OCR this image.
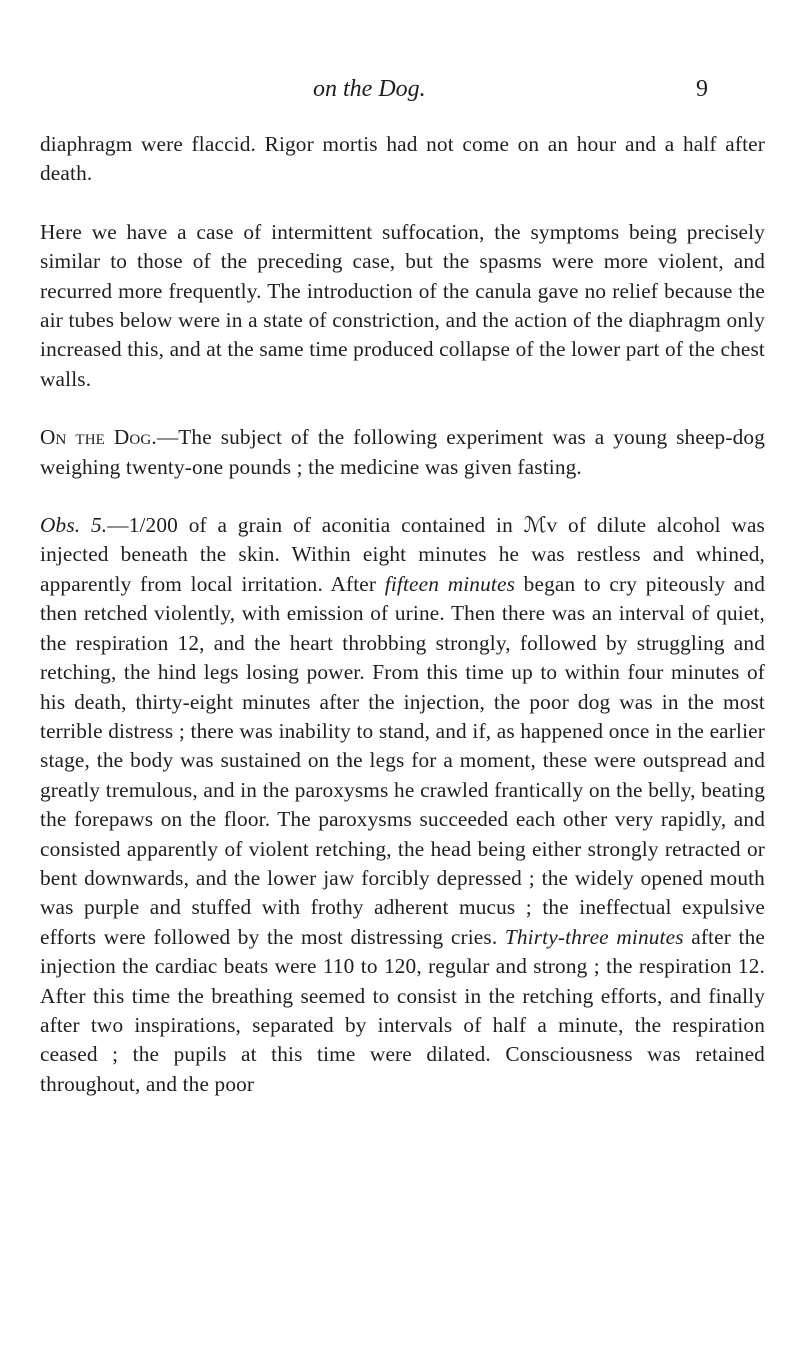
on the Dog.	9

diaphragm were flaccid. Rigor mortis had not come on an hour and a half after death.

Here we have a case of intermittent suffocation, the symptoms being precisely similar to those of the preceding case, but the spasms were more violent, and recurred more frequently. The introduction of the canula gave no relief because the air tubes below were in a state of constriction, and the action of the diaphragm only increased this, and at the same time produced collapse of the lower part of the chest walls.

On the Dog.—The subject of the following experiment was a young sheep-dog weighing twenty-one pounds ; the medicine was given fasting.

Obs. 5.—1/200 of a grain of aconitia contained in ℳv of dilute alcohol was injected beneath the skin. Within eight minutes he was restless and whined, apparently from local irritation. After fifteen minutes began to cry piteously and then retched violently, with emission of urine. Then there was an interval of quiet, the respiration 12, and the heart throbbing strongly, followed by struggling and retching, the hind legs losing power. From this time up to within four minutes of his death, thirty-eight minutes after the injection, the poor dog was in the most terrible distress ; there was inability to stand, and if, as happened once in the earlier stage, the body was sustained on the legs for a moment, these were outspread and greatly tremulous, and in the paroxysms he crawled frantically on the belly, beating the forepaws on the floor. The paroxysms succeeded each other very rapidly, and consisted apparently of violent retching, the head being either strongly retracted or bent downwards, and the lower jaw forcibly depressed ; the widely opened mouth was purple and stuffed with frothy adherent mucus ; the ineffectual expulsive efforts were followed by the most distressing cries. Thirty-three minutes after the injection the cardiac beats were 110 to 120, regular and strong ; the respiration 12. After this time the breathing seemed to consist in the retching efforts, and finally after two inspirations, separated by intervals of half a minute, the respiration ceased ; the pupils at this time were dilated. Consciousness was retained throughout, and the poor
